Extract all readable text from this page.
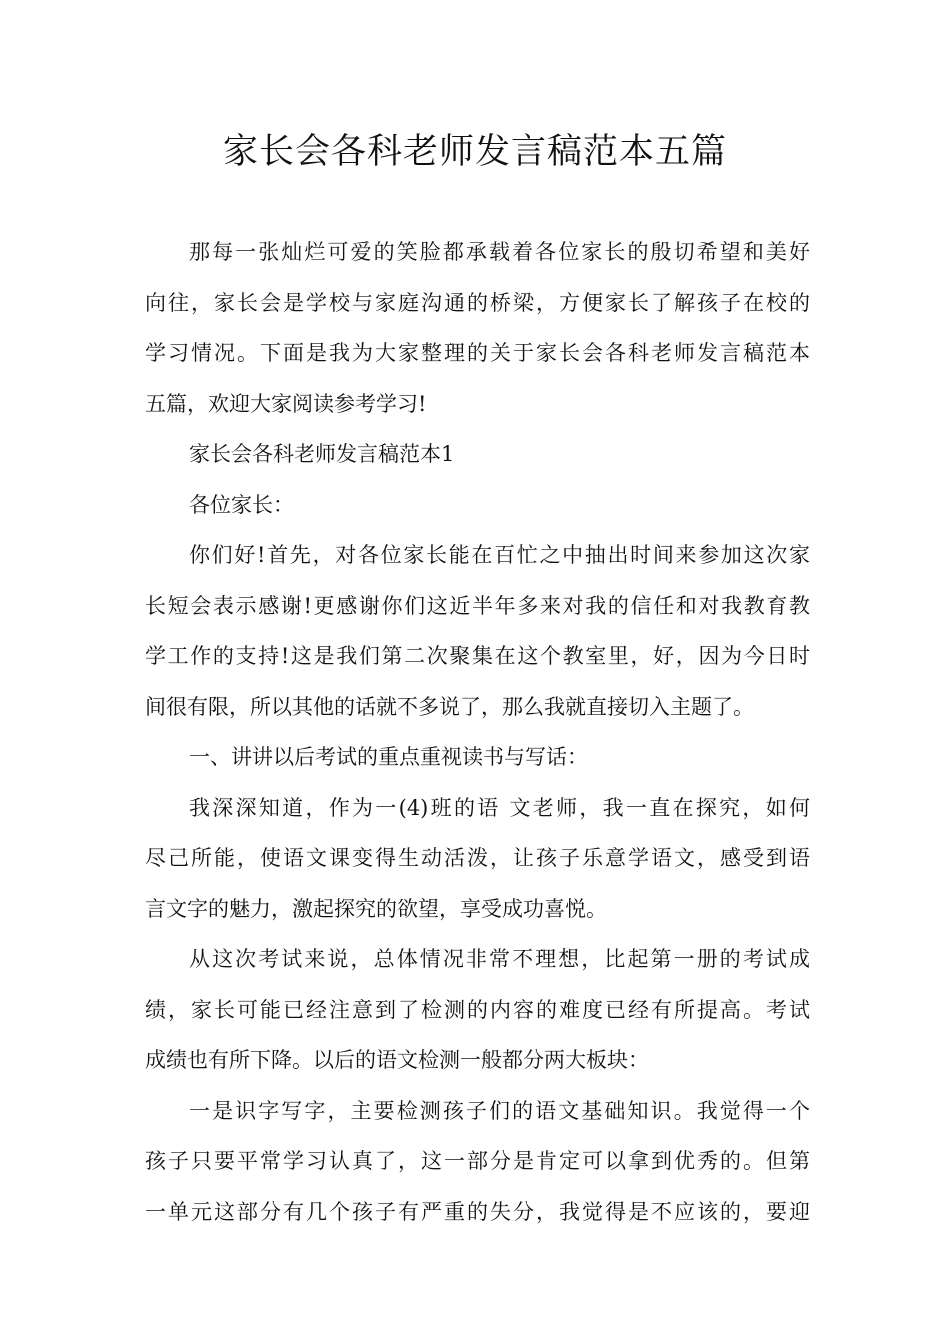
家长会各科老师发言稿范本五篇
那每一张灿烂可爱的笑脸都承载着各位家长的殷切希望和美好
向往，家长会是学校与家庭沟通的桥梁，方便家长了解孩子在校的
学习情况。下面是我为大家整理的关于家长会各科老师发言稿范本
五篇，欢迎大家阅读参考学习!
家长会各科老师发言稿范本1
各位家长：
你们好!首先，对各位家长能在百忙之中抽出时间来参加这次家
长短会表示感谢!更感谢你们这近半年多来对我的信任和对我教育教
学工作的支持!这是我们第二次聚集在这个教室里，好，因为今日时
间很有限，所以其他的话就不多说了，那么我就直接切入主题了。
一、讲讲以后考试的重点重视读书与写话：
我深深知道，作为一(4)班的语 文老师，我一直在探究，如何
尽己所能，使语文课变得生动活泼，让孩子乐意学语文，感受到语
言文字的魅力，激起探究的欲望，享受成功喜悦。
从这次考试来说，总体情况非常不理想，比起第一册的考试成
绩，家长可能已经注意到了检测的内容的难度已经有所提高。考试
成绩也有所下降。以后的语文检测一般都分两大板块：
一是识字写字，主要检测孩子们的语文基础知识。我觉得一个
孩子只要平常学习认真了，这一部分是肯定可以拿到优秀的。但第
一单元这部分有几个孩子有严重的失分，我觉得是不应该的，要迎
